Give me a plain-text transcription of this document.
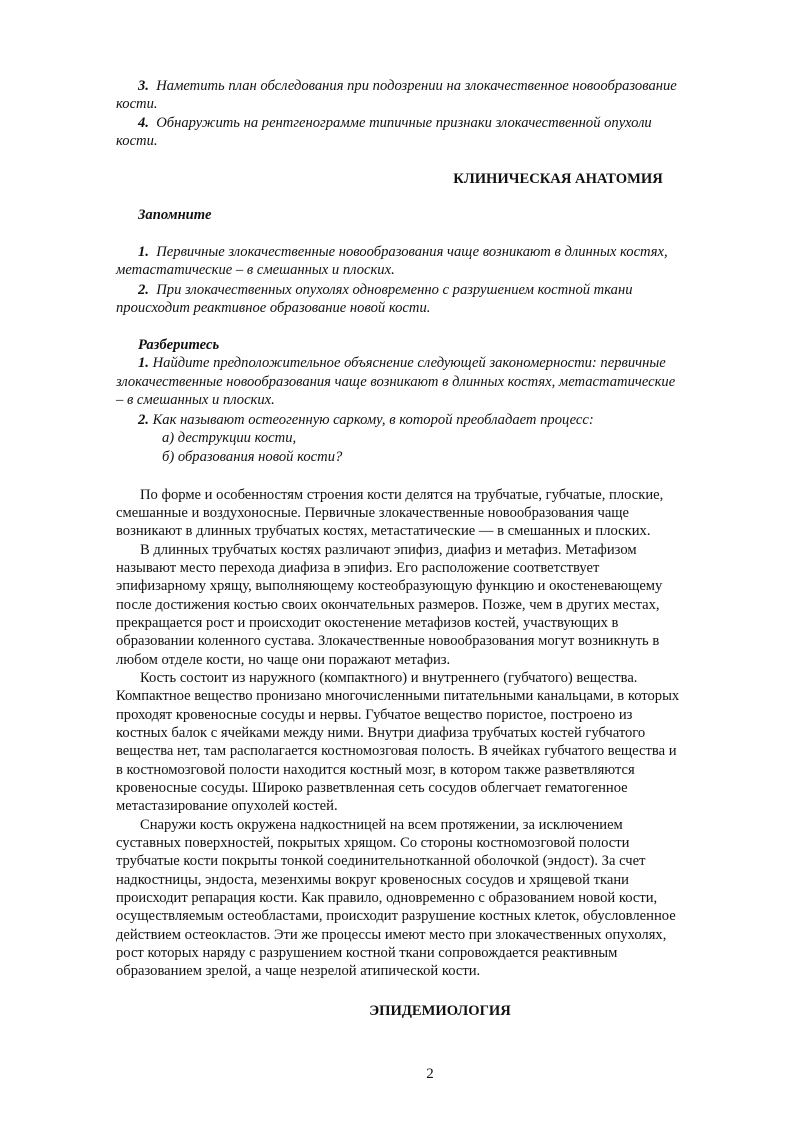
3. Наметить план обследования при подозрении на злокачественное новообразование
кости.
4. Обнаружить на рентгенограмме типичные признаки злокачественной опухоли
кости.
КЛИНИЧЕСКАЯ АНАТОМИЯ
Запомните
1. Первичные злокачественные новообразования чаще возникают в длинных костях,
метастатические – в смешанных и плоских.
2. При злокачественных опухолях одновременно с разрушением костной ткани
происходит реактивное образование новой кости.
Разберитесь
1. Найдите предположительное объяснение следующей закономерности: первичные
злокачественные новообразования чаще возникают в длинных костях, метастатические
– в смешанных и плоских.
2. Как называют остеогенную саркому, в которой преобладает процесс:
а) деструкции кости,
б) образования новой кости?
По форме и особенностям строения кости делятся на трубчатые, губчатые, плоские,
смешанные и воздухоносные. Первичные злокачественные новообразования чаще
возникают в длинных трубчатых костях, метастатические — в смешанных и плоских.
В длинных трубчатых костях различают эпифиз, диафиз и метафиз. Метафизом
называют место перехода диафиза в эпифиз. Его расположение соответствует
эпифизарному хрящу, выполняющему костеобразующую функцию и окостеневающему
после достижения костью своих окончательных размеров. Позже, чем в других местах,
прекращается рост и происходит окостенение метафизов костей, участвующих в
образовании коленного сустава. Злокачественные новообразования могут возникнуть в
любом отделе кости, но чаще они поражают метафиз.
Кость состоит из наружного (компактного) и внутреннего (губчатого) вещества.
Компактное вещество пронизано многочисленными питательными канальцами, в которых
проходят кровеносные сосуды и нервы. Губчатое вещество пористое, построено из
костных балок с ячейками между ними. Внутри диафиза трубчатых костей губчатого
вещества нет, там располагается костномозговая полость. В ячейках губчатого вещества и
в костномозговой полости находится костный мозг, в котором также разветвляются
кровеносные сосуды. Широко разветвленная сеть сосудов облегчает гематогенное
метастазирование опухолей костей.
Снаружи кость окружена надкостницей на всем протяжении, за исключением
суставных поверхностей, покрытых хрящом. Со стороны костномозговой полости
трубчатые кости покрыты тонкой соединительнотканной оболочкой (эндост). За счет
надкостницы, эндоста, мезенхимы вокруг кровеносных сосудов и хрящевой ткани
происходит репарация кости. Как правило, одновременно с образованием новой кости,
осуществляемым остеобластами, происходит разрушение костных клеток, обусловленное
действием остеокластов. Эти же процессы имеют место при злокачественных опухолях,
рост которых наряду с разрушением костной ткани сопровождается реактивным
образованием зрелой, а чаще незрелой атипической кости.
ЭПИДЕМИОЛОГИЯ
2
